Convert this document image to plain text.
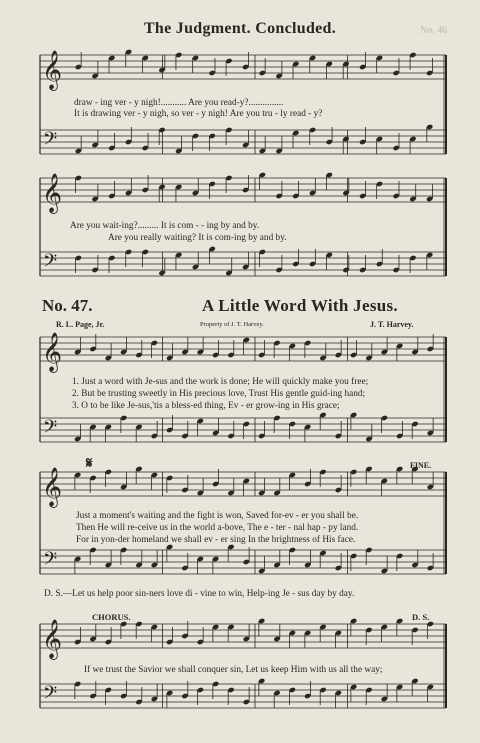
𝄞
𝄢
𝄞
𝄢
𝄞
𝄢
𝄞
𝄢
𝄞
𝄢
The Judgment. Concluded.	No. 46
draw - ing ver - y nigh!........... Are you read-y?...............
It is drawing ver - y nigh, so ver - y nigh! Are you tru - ly read - y?
Are you wait-ing?......... It is com - - ing by and by.
Are you really waiting? It is com-ing by and by.
No. 47.	A Little Word With Jesus.
R. L. Page, Jr.	Property of J. T. Harvey.	J. T. Harvey.
1. Just a word with Je-sus and the work is done; He will quickly make you free;
2. But be trusting sweetly in His precious love, Trust His gentle guid-ing hand;
3. O to be like Je-sus,'tis a bless-ed thing, Ev - er grow-ing in His grace;
𝄋	FINE.
Just a moment's waiting and the fight is won, Saved for-ev - er you shall be.
Then He will re-ceive us in the world a-bove, The e - ter - nal hap - py land.
For in yon-der homeland we shall ev - er sing In the brightness of His face.
D. S.—Let us help poor sin-ners love di - vine to win, Help-ing Je - sus day by day.
CHORUS.	D. S.
If we trust the Savior we shall conquer sin, Let us keep Him with us all the way;
